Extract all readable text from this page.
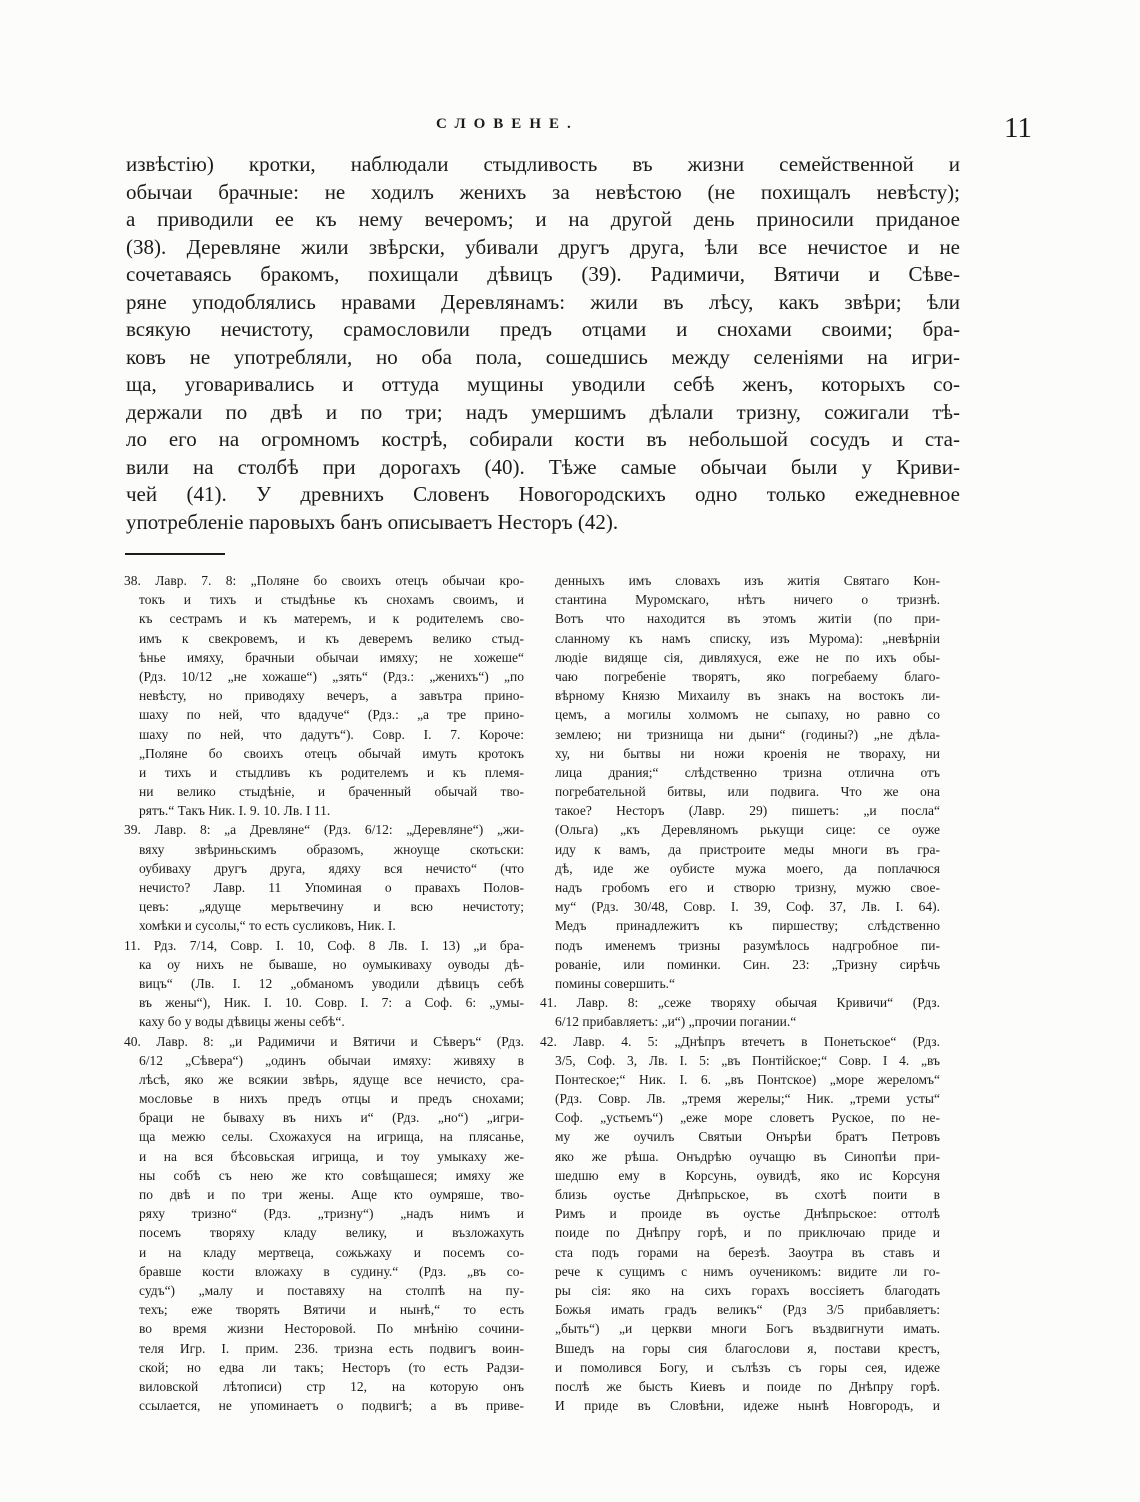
СЛОВЕНЕ.	11
извѣстію) кротки, наблюдали стыдливость въ жизни семейственной и
обычаи брачные: не ходилъ женихъ за невѣстою (не похищалъ невѣсту);
а приводили ее къ нему вечеромъ; и на другой день приносили приданое
(38). Деревляне жили звѣрски, убивали другъ друга, ѣли все нечистое и не
сочетаваясь бракомъ, похищали дѣвицъ (39). Радимичи, Вятичи и Сѣве-
ряне уподоблялись нравами Деревлянамъ: жили въ лѣсу, какъ звѣри; ѣли
всякую нечистоту, срамословили предъ отцами и снохами своими; бра-
ковъ не употребляли, но оба пола, сошедшись между селеніями на игри-
ща, уговаривались и оттуда мущины уводили себѣ женъ, которыхъ со-
держали по двѣ и по три; надъ умершимъ дѣлали тризну, сожигали тѣ-
ло его на огромномъ кострѣ, собирали кости въ небольшой сосудъ и ста-
вили на столбѣ при дорогахъ (40). Тѣже самые обычаи были у Криви-
чей (41). У древнихъ Словенъ Новогородскихъ одно только ежедневное
употребленіе паровыхъ банъ описываетъ Несторъ (42).
38. Лавр. 7. 8: „Поляне бо своихъ отецъ обычаи кро-
токъ и тихъ и стыдѣнье къ снохамъ своимъ, и
къ сестрамъ и къ матеремъ, и к родителемъ сво-
имъ к свекровемъ, и къ деверемъ велико стыд-
ѣнье имяху, брачныи обычаи имяху; не хожеше“
(Рдз. 10/12 „не хожаше“) „зять“ (Рдз.: „женихъ“) „по
невѣсту, но приводяху вечеръ, а завътра прино-
шаху по ней, что вдадуче“ (Рдз.: „а тре прино-
шаху по ней, что дадутъ“). Совр. I. 7. Короче:
„Поляне бо своихъ отецъ обычай имуть кротокъ
и тихъ и стыдливъ къ родителемъ и къ племя-
ни велико стыдѣніе, и браченный обычай тво-
рятъ.“ Такъ Ник. I. 9. 10. Лв. I 11.
39. Лавр. 8: „а Древляне“ (Рдз. 6/12: „Деревляне“) „жи-
вяху звѣриньскимъ образомъ, жноуще скотьски:
оубиваху другъ друга, ядяху вся нечисто“ (что
нечисто? Лавр. 11 Упоминая о правахъ Полов-
цевъ: „ядуще мерьтвечину и всю нечистоту;
хомѣки и сусолы,“ то есть сусликовъ, Ник. I.
11. Рдз. 7/14, Совр. I. 10, Соф. 8 Лв. I. 13) „и бра-
ка оу нихъ не бываше, но оумыкиваху оуводы дѣ-
вицъ“ (Лв. I. 12 „обманомъ уводили дѣвицъ себѣ
въ жены“), Ник. I. 10. Совр. I. 7: а Соф. 6: „умы-
каху бо у воды дѣвицы жены себѣ“.
40. Лавр. 8: „и Радимичи и Вятичи и Сѣверъ“ (Рдз.
6/12 „Сѣвера“) „одинъ обычаи имяху: живяху в
лѣсѣ, яко же всякии звѣрь, ядуще все нечисто, сра-
мословье в нихъ предъ отцы и предъ снохами;
браци не бываху въ нихъ и“ (Рдз. „но“) „игри-
ща межю селы. Схожахуся на игрища, на плясанье,
и на вся бѣсовьская игрища, и тоу умыкаху же-
ны собѣ съ нею же кто совѣщашеся; имяху же
по двѣ и по три жены. Аще кто оумряше, тво-
ряху тризно“ (Рдз. „тризну“) „надъ нимъ и
посемъ творяху кладу велику, и възложахуть
и на кладу мертвеца, сожьжаху и посемъ со-
бравше кости вложаху в судину.“ (Рдз. „въ со-
судъ“) „малу и поставяху на столпѣ на пу-
техъ; еже творять Вятичи и нынѣ,“ то есть
во время жизни Несторовой. По мнѣнію сочини-
теля Игр. I. прим. 236. тризна есть подвигъ воин-
ской; но едва ли такъ; Несторъ (то есть Радзи-
виловской лѣтописи) стр 12, на которую онъ
ссылается, не упоминаетъ о подвигѣ; а въ приве-
денныхъ имъ словахъ изъ житія Святаго Кон-
стантина Муромскаго, нѣтъ ничего о тризнѣ.
Вотъ что находится въ этомъ житіи (по при-
сланному къ намъ списку, изъ Мурома): „невѣрніи
людіе видяще сія, дивляхуся, еже не по ихъ обы-
чаю погребеніе творятъ, яко погребаему благо-
вѣрному Князю Михаилу въ знакъ на востокъ ли-
цемъ, а могилы холмомъ не сыпаху, но равно со
землею; ни тризнища ни дыни“ (годины?) „не дѣла-
ху, ни бытвы ни ножи кроенія не твораху, ни
лица драния;“ слѣдственно тризна отлична отъ
погребательной битвы, или подвига. Что же она
такое? Несторъ (Лавр. 29) пишетъ: „и посла“
(Ольга) „къ Деревляномъ рькущи сице: се оуже
иду к вамъ, да пристроите меды многи въ гра-
дѣ, иде же оубисте мужа моего, да поплачюся
надъ гробомъ его и створю тризну, мужю свое-
му“ (Рдз. 30/48, Совр. I. 39, Соф. 37, Лв. I. 64).
Медъ принадлежитъ къ пиршеству; слѣдственно
подъ именемъ тризны разумѣлось надгробное пи-
рованіе, или поминки. Син. 23: „Тризну сирѣчь
помины совершить.“
41. Лавр. 8: „сеже творяху обычая Кривичи“ (Рдз.
6/12 прибавляетъ: „и“) „прочии погании.“
42. Лавр. 4. 5: „Днѣпръ втечетъ в Понетьское“ (Рдз.
3/5, Соф. 3, Лв. I. 5: „въ Понтійское;“ Совр. I 4. „въ
Понтеское;“ Ник. I. 6. „въ Понтское) „море жереломъ“
(Рдз. Совр. Лв. „тремя жерелы;“ Ник. „треми усты“
Соф. „устьемъ“) „еже море словетъ Руское, по не-
му же оучилъ Святыи Онърѣи братъ Петровъ
яко же рѣша. Онъдрѣю оучащю въ Синопѣи при-
шедшю ему в Корсунь, оувидѣ, яко ис Корсуня
близь оустье Днѣпрьское, въ схотѣ поити в
Римъ и проиде въ оустье Днѣпрьское: оттолѣ
поиде по Днѣпру горѣ, и по приключаю приде и
ста подъ горами на березѣ. Заоутра въ ставъ и
рече к сущимъ с нимъ оученикомъ: видите ли го-
ры сія: яко на сихъ горахъ воссіяетъ благодать
Божья имать градъ великъ“ (Рдз 3/5 прибавляетъ:
„быть“) „и церкви многи Богъ въздвигнути имать.
Вшедъ на горы сия благослови я, постави крестъ,
и помолився Богу, и сълѣзъ съ горы сея, идеже
послѣ же бысть Киевъ и поиде по Днѣпру горѣ.
И приде въ Словѣни, идеже нынѣ Новгородъ, и
